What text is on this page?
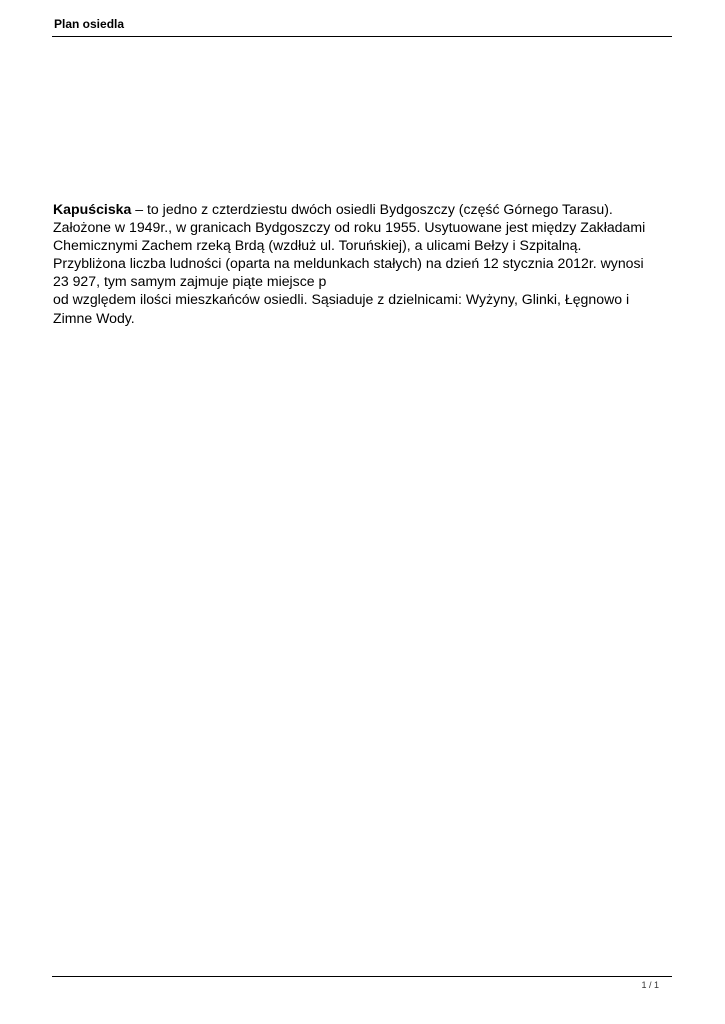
Plan osiedla

Kapuściska – to jedno z czterdziestu dwóch osiedli Bydgoszczy (część Górnego Tarasu).

Założone w 1949r., w granicach Bydgoszczy od roku 1955. Usytuowane jest między Zakładami

Chemicznymi Zachem rzeką Brdą (wzdłuż ul. Toruńskiej), a ulicami Bełzy i Szpitalną.

Przybliżona liczba ludności (oparta na meldunkach stałych) na dzień 12 stycznia 2012r. wynosi

23 927, tym samym zajmuje piąte miejsce p

od względem ilości mieszkańców osiedli. Sąsiaduje z dzielnicami: Wyżyny, Glinki, Łęgnowo i

Zimne Wody.

1 / 1
